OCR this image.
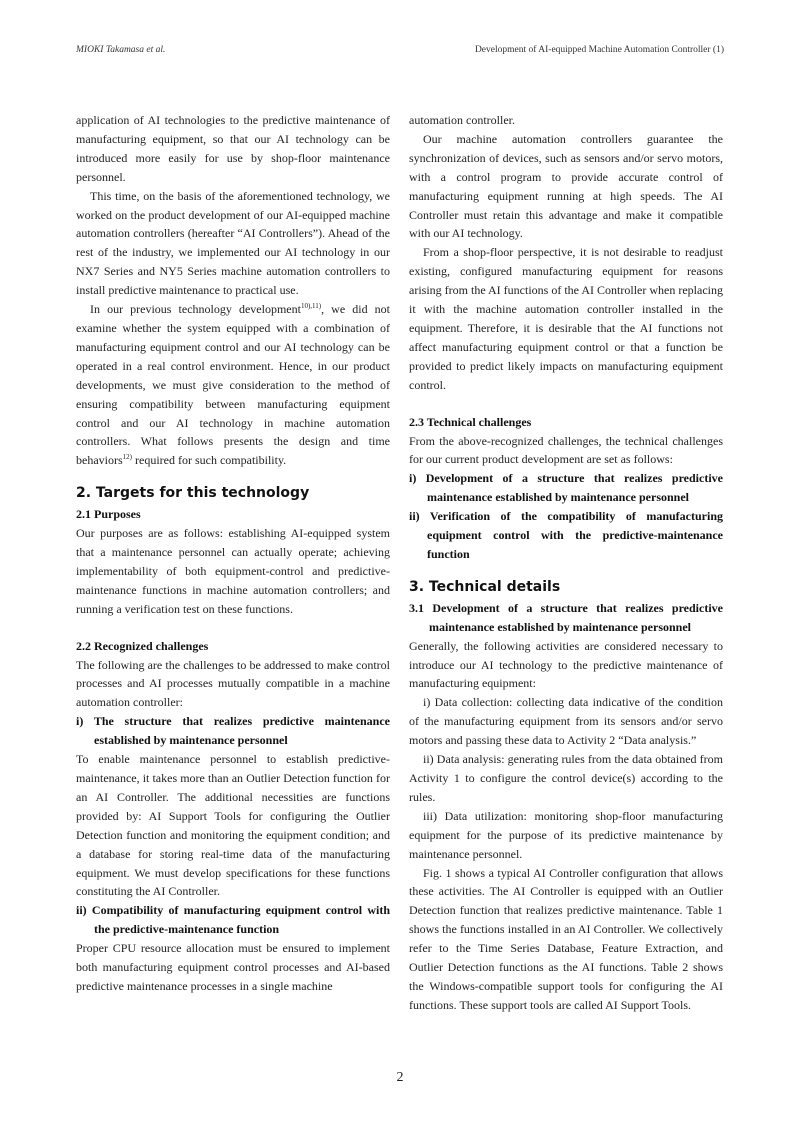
MIOKI Takamasa et al.	Development of AI-equipped Machine Automation Controller (1)

application of AI technologies to the predictive maintenance of manufacturing equipment, so that our AI technology can be introduced more easily for use by shop-floor maintenance personnel.

This time, on the basis of the aforementioned technology, we worked on the product development of our AI-equipped machine automation controllers (hereafter “AI Controllers”). Ahead of the rest of the industry, we implemented our AI technology in our NX7 Series and NY5 Series machine automation controllers to install predictive maintenance to practical use.

In our previous technology development$^{10),11)}$, we did not examine whether the system equipped with a combination of manufacturing equipment control and our AI technology can be operated in a real control environment. Hence, in our product developments, we must give consideration to the method of ensuring compatibility between manufacturing equipment control and our AI technology in machine automation controllers. What follows presents the design and time behaviors$^{12)}$ required for such compatibility.

2. Targets for this technology
2.1 Purposes

Our purposes are as follows: establishing AI-equipped system that a maintenance personnel can actually operate; achieving implementability of both equipment-control and predictive-maintenance functions in machine automation controllers; and running a verification test on these functions.

2.2 Recognized challenges

The following are the challenges to be addressed to make control processes and AI processes mutually compatible in a machine automation controller:

i) The structure that realizes predictive maintenance established by maintenance personnel

To enable maintenance personnel to establish predictive-maintenance, it takes more than an Outlier Detection function for an AI Controller. The additional necessities are functions provided by: AI Support Tools for configuring the Outlier Detection function and monitoring the equipment condition; and a database for storing real-time data of the manufacturing equipment. We must develop specifications for these functions constituting the AI Controller.

ii) Compatibility of manufacturing equipment control with the predictive-maintenance function

Proper CPU resource allocation must be ensured to implement both manufacturing equipment control processes and AI-based predictive maintenance processes in a single machine

automation controller.

Our machine automation controllers guarantee the synchronization of devices, such as sensors and/or servo motors, with a control program to provide accurate control of manufacturing equipment running at high speeds. The AI Controller must retain this advantage and make it compatible with our AI technology.

From a shop-floor perspective, it is not desirable to readjust existing, configured manufacturing equipment for reasons arising from the AI functions of the AI Controller when replacing it with the machine automation controller installed in the equipment. Therefore, it is desirable that the AI functions not affect manufacturing equipment control or that a function be provided to predict likely impacts on manufacturing equipment control.

2.3 Technical challenges

From the above-recognized challenges, the technical challenges for our current product development are set as follows:

i) Development of a structure that realizes predictive maintenance established by maintenance personnel

ii) Verification of the compatibility of manufacturing equipment control with the predictive-maintenance function

3. Technical details
3.1 Development of a structure that realizes predictive maintenance established by maintenance personnel

Generally, the following activities are considered necessary to introduce our AI technology to the predictive maintenance of manufacturing equipment:

i) Data collection: collecting data indicative of the condition of the manufacturing equipment from its sensors and/or servo motors and passing these data to Activity 2 “Data analysis.”

ii) Data analysis: generating rules from the data obtained from Activity 1 to configure the control device(s) according to the rules.

iii) Data utilization: monitoring shop-floor manufacturing equipment for the purpose of its predictive maintenance by maintenance personnel.

Fig. 1 shows a typical AI Controller configuration that allows these activities. The AI Controller is equipped with an Outlier Detection function that realizes predictive maintenance. Table 1 shows the functions installed in an AI Controller. We collectively refer to the Time Series Database, Feature Extraction, and Outlier Detection functions as the AI functions. Table 2 shows the Windows-compatible support tools for configuring the AI functions. These support tools are called AI Support Tools.

2
